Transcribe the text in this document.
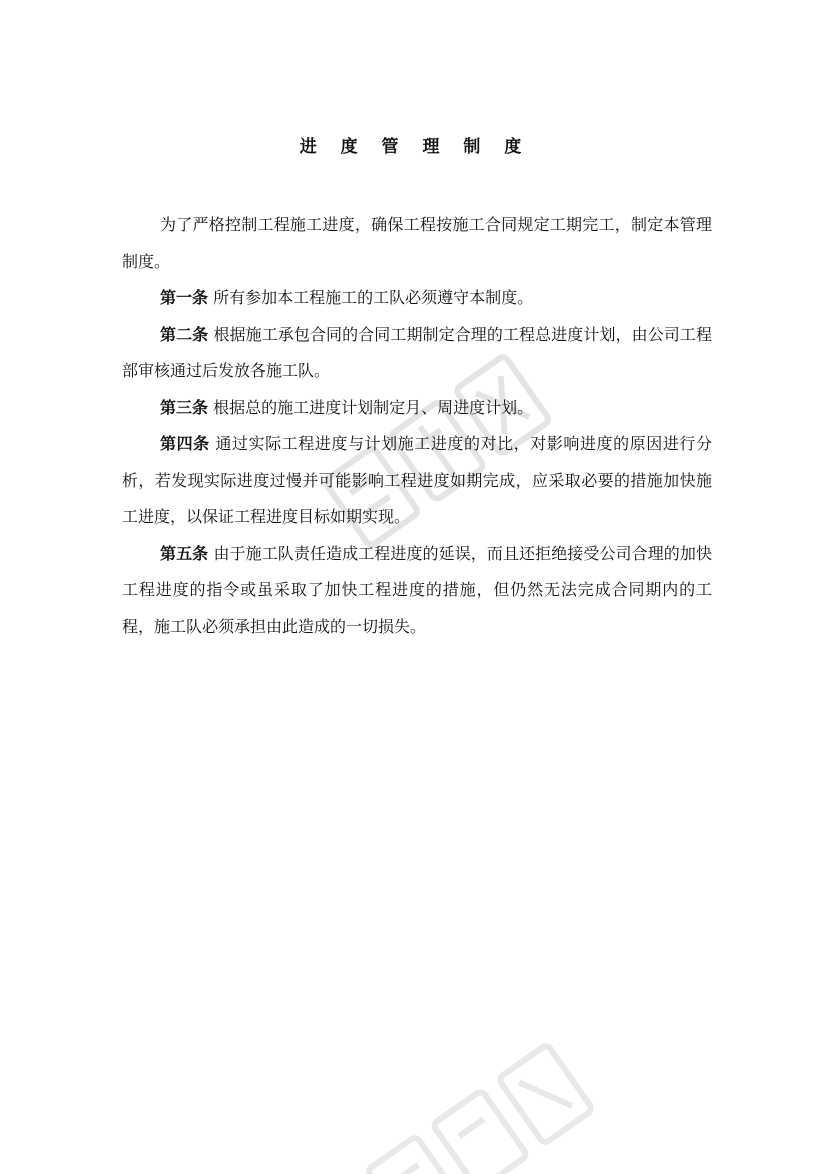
进 度 管 理 制 度

为了严格控制工程施工进度，确保工程按施工合同规定工期完工，制定本管理制度。

第一条 所有参加本工程施工的工队必须遵守本制度。

第二条 根据施工承包合同的合同工期制定合理的工程总进度计划，由公司工程部审核通过后发放各施工队。

第三条 根据总的施工进度计划制定月、周进度计划。

第四条 通过实际工程进度与计划施工进度的对比，对影响进度的原因进行分析，若发现实际进度过慢并可能影响工程进度如期完成，应采取必要的措施加快施工进度，以保证工程进度目标如期实现。

第五条 由于施工队责任造成工程进度的延误，而且还拒绝接受公司合理的加快工程进度的指令或虽采取了加快工程进度的措施，但仍然无法完成合同期内的工程，施工队必须承担由此造成的一切损失。
